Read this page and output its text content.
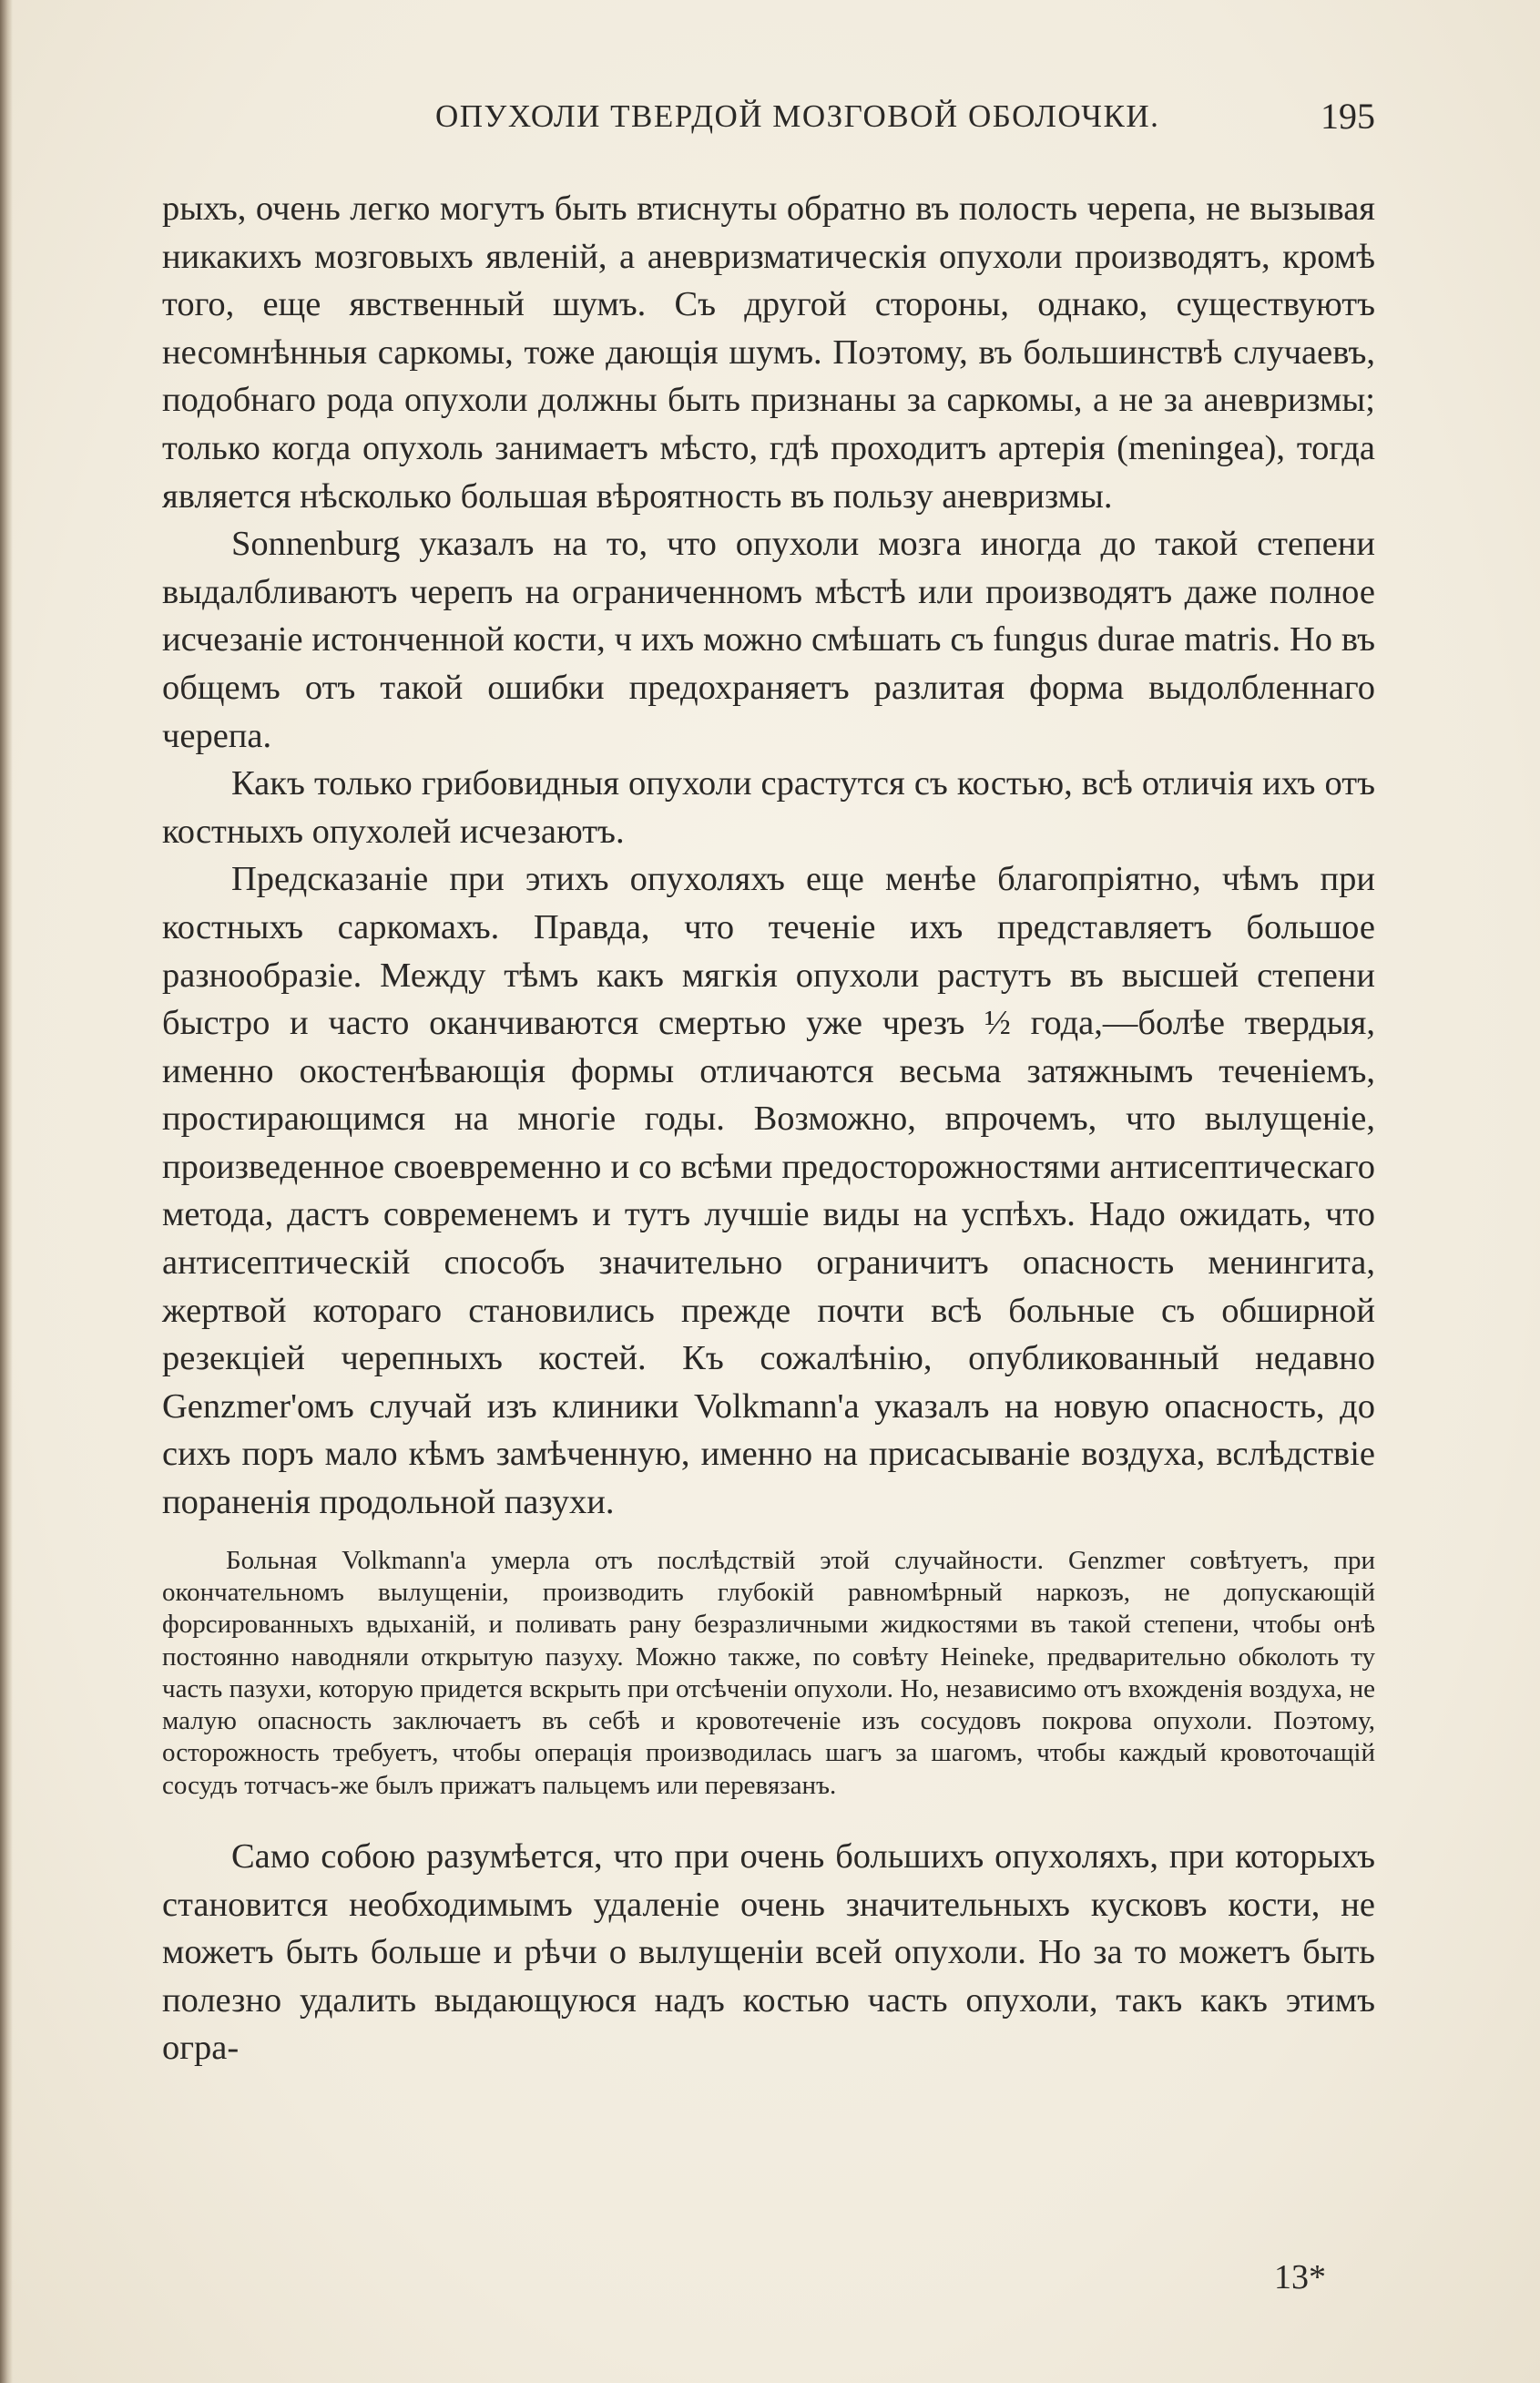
ОПУХОЛИ ТВЕРДОЙ МОЗГОВОЙ ОБОЛОЧКИ.	195

рыхъ, очень легко могутъ быть втиснуты обратно въ полость черепа, не вызывая никакихъ мозговыхъ явленій, а аневризматическія опухоли производятъ, кромѣ того, еще явственный шумъ. Съ другой стороны, однако, существуютъ несомнѣнныя саркомы, тоже дающія шумъ. Поэтому, въ большинствѣ случаевъ, подобнаго рода опухоли должны быть признаны за саркомы, а не за аневризмы; только когда опухоль занимаетъ мѣсто, гдѣ проходитъ артерія (meningea), тогда является нѣсколько большая вѣроятность въ пользу аневризмы.

Sonnenburg указалъ на то, что опухоли мозга иногда до такой степени выдалбливаютъ черепъ на ограниченномъ мѣстѣ или производятъ даже полное исчезаніе истонченной кости, ч ихъ можно смѣшать съ fungus durae matris. Но въ общемъ отъ такой ошибки предохраняетъ разлитая форма выдолбленнаго черепа.

Какъ только грибовидныя опухоли срастутся съ костью, всѣ отличія ихъ отъ костныхъ опухолей исчезаютъ.

Предсказаніе при этихъ опухоляхъ еще менѣе благопріятно, чѣмъ при костныхъ саркомахъ. Правда, что теченіе ихъ представляетъ большое разнообразіе. Между тѣмъ какъ мягкія опухоли растутъ въ высшей степени быстро и часто оканчиваются смертью уже чрезъ ½ года,—болѣе твердыя, именно окостенѣвающія формы отличаются весьма затяжнымъ теченіемъ, простирающимся на многіе годы. Возможно, впрочемъ, что вылущеніе, произведенное своевременно и со всѣми предосторожностями антисептическаго метода, дастъ современемъ и тутъ лучшіе виды на успѣхъ. Надо ожидать, что антисептическій способъ значительно ограничитъ опасность менингита, жертвой котораго становились прежде почти всѣ больные съ обширной резекціей черепныхъ костей. Къ сожалѣнію, опубликованный недавно Genzmer'омъ случай изъ клиники Volkmann'а указалъ на новую опасность, до сихъ поръ мало кѣмъ замѣченную, именно на присасываніе воздуха, вслѣдствіе пораненія продольной пазухи.

Больная Volkmann'а умерла отъ послѣдствій этой случайности. Genzmer совѣтуетъ, при окончательномъ вылущеніи, производить глубокій равномѣрный наркозъ, не допускающій форсированныхъ вдыханій, и поливать рану безразличными жидкостями въ такой степени, чтобы онѣ постоянно наводняли открытую пазуху. Можно также, по совѣту Heineke, предварительно обколоть ту часть пазухи, которую придется вскрыть при отсѣченіи опухоли. Но, независимо отъ вхожденія воздуха, не малую опасность заключаетъ въ себѣ и кровотеченіе изъ сосудовъ покрова опухоли. Поэтому, осторожность требуетъ, чтобы операція производилась шагъ за шагомъ, чтобы каждый кровоточащій сосудъ тотчасъ-же былъ прижатъ пальцемъ или перевязанъ.

Само собою разумѣется, что при очень большихъ опухоляхъ, при которыхъ становится необходимымъ удаленіе очень значительныхъ кусковъ кости, не можетъ быть больше и рѣчи о вылущеніи всей опухоли. Но за то можетъ быть полезно удалить выдающуюся надъ костью часть опухоли, такъ какъ этимъ огра-

13*
